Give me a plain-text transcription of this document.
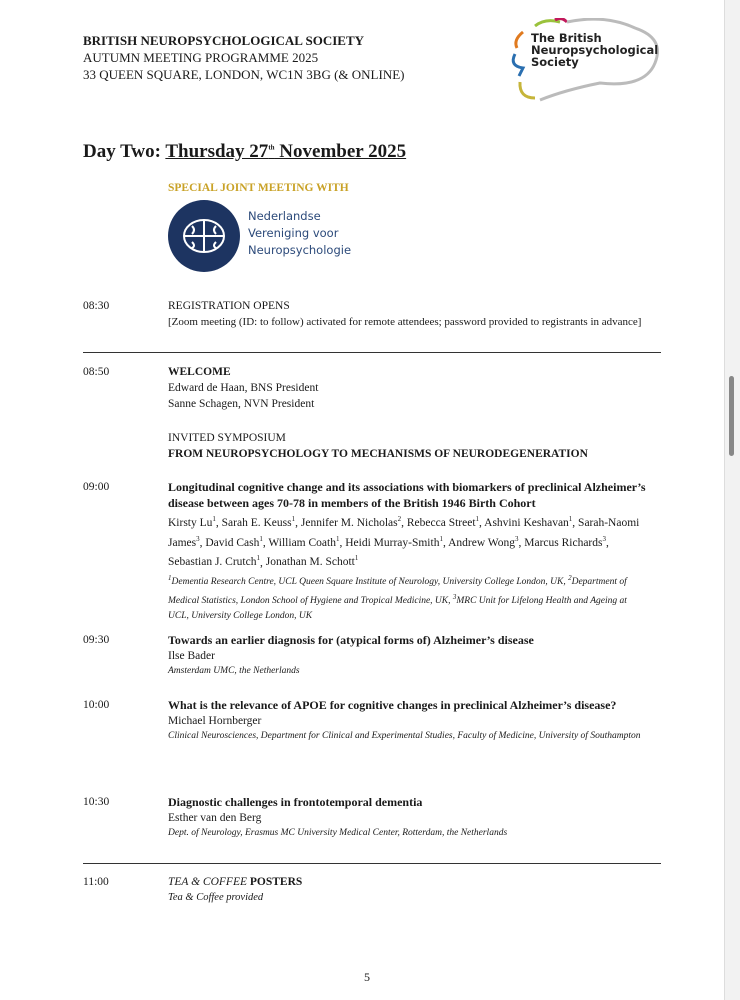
BRITISH NEUROPSYCHOLOGICAL SOCIETY
AUTUMN MEETING PROGRAMME 2025
33 QUEEN SQUARE, LONDON, WC1N 3BG (& ONLINE)
The British Neuropsychological Society
Day Two: Thursday 27th November 2025
SPECIAL JOINT MEETING WITH
Nederlandse
Vereniging voor
Neuropsychologie
08:30	REGISTRATION OPENS
[Zoom meeting (ID: to follow) activated for remote attendees; password provided to registrants in advance]
08:50	WELCOME
Edward de Haan, BNS President
Sanne Schagen, NVN President
INVITED SYMPOSIUM
FROM NEUROPSYCHOLOGY TO MECHANISMS OF NEURODEGENERATION
09:00	Longitudinal cognitive change and its associations with biomarkers of preclinical Alzheimer’s disease between ages 70-78 in members of the British 1946 Birth Cohort
Kirsty Lu$^1$, Sarah E. Keuss$^1$, Jennifer M. Nicholas$^2$, Rebecca Street$^1$, Ashvini Keshavan$^1$, Sarah-Naomi James$^3$, David Cash$^1$, William Coath$^1$, Heidi Murray-Smith$^1$, Andrew Wong$^3$, Marcus Richards$^3$, Sebastian J. Crutch$^1$, Jonathan M. Schott$^1$
$^1$Dementia Research Centre, UCL Queen Square Institute of Neurology, University College London, UK, $^2$Department of Medical Statistics, London School of Hygiene and Tropical Medicine, UK, $^3$MRC Unit for Lifelong Health and Ageing at UCL, University College London, UK
09:30	Towards an earlier diagnosis for (atypical forms of) Alzheimer’s disease
Ilse Bader
Amsterdam UMC, the Netherlands
10:00	What is the relevance of APOE for cognitive changes in preclinical Alzheimer’s disease?
Michael Hornberger
Clinical Neurosciences, Department for Clinical and Experimental Studies, Faculty of Medicine, University of Southampton
10:30	Diagnostic challenges in frontotemporal dementia
Esther van den Berg
Dept. of Neurology, Erasmus MC University Medical Center, Rotterdam, the Netherlands
11:00	TEA & COFFEE POSTERS
Tea & Coffee provided
5
